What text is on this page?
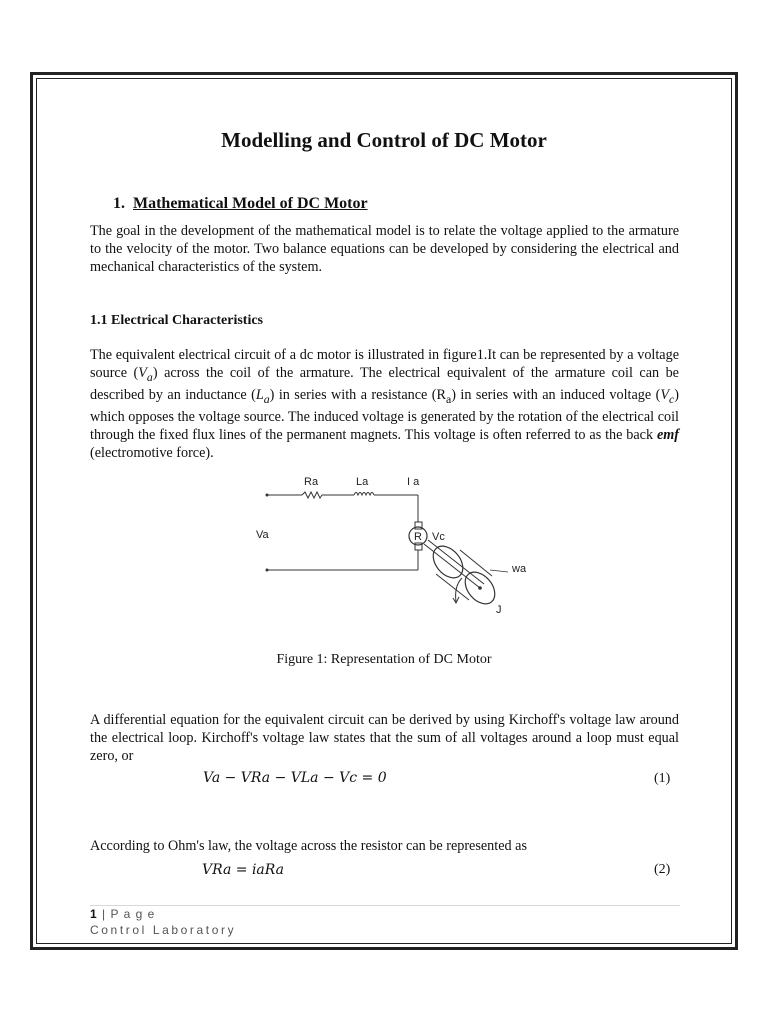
Modelling and Control of DC Motor
1. Mathematical Model of DC Motor
The goal in the development of the mathematical model is to relate the voltage applied to the armature to the velocity of the motor. Two balance equations can be developed by considering the electrical and mechanical characteristics of the system.
1.1 Electrical Characteristics
The equivalent electrical circuit of a dc motor is illustrated in figure1.It can be represented by a voltage source $(V_a)$ across the coil of the armature. The electrical equivalent of the armature coil can be described by an inductance $(L_a)$ in series with a resistance $(R_a)$ in series with an induced voltage $(V_c)$ which opposes the voltage source. The induced voltage is generated by the rotation of the electrical coil through the fixed flux lines of the permanent magnets. This voltage is often referred to as the back emf (electromotive force).
R
Ra	La	I a
Va	Vc
wa
J
Figure 1: Representation of DC Motor
A differential equation for the equivalent circuit can be derived by using Kirchoff's voltage law around the electrical loop. Kirchoff's voltage law states that the sum of all voltages around a loop must equal zero, or
Va − VRa − VLa − Vc = 0	(1)
According to Ohm's law, the voltage across the resistor can be represented as
VRa = iaRa	(2)
1 | P a g e
Control Laboratory
